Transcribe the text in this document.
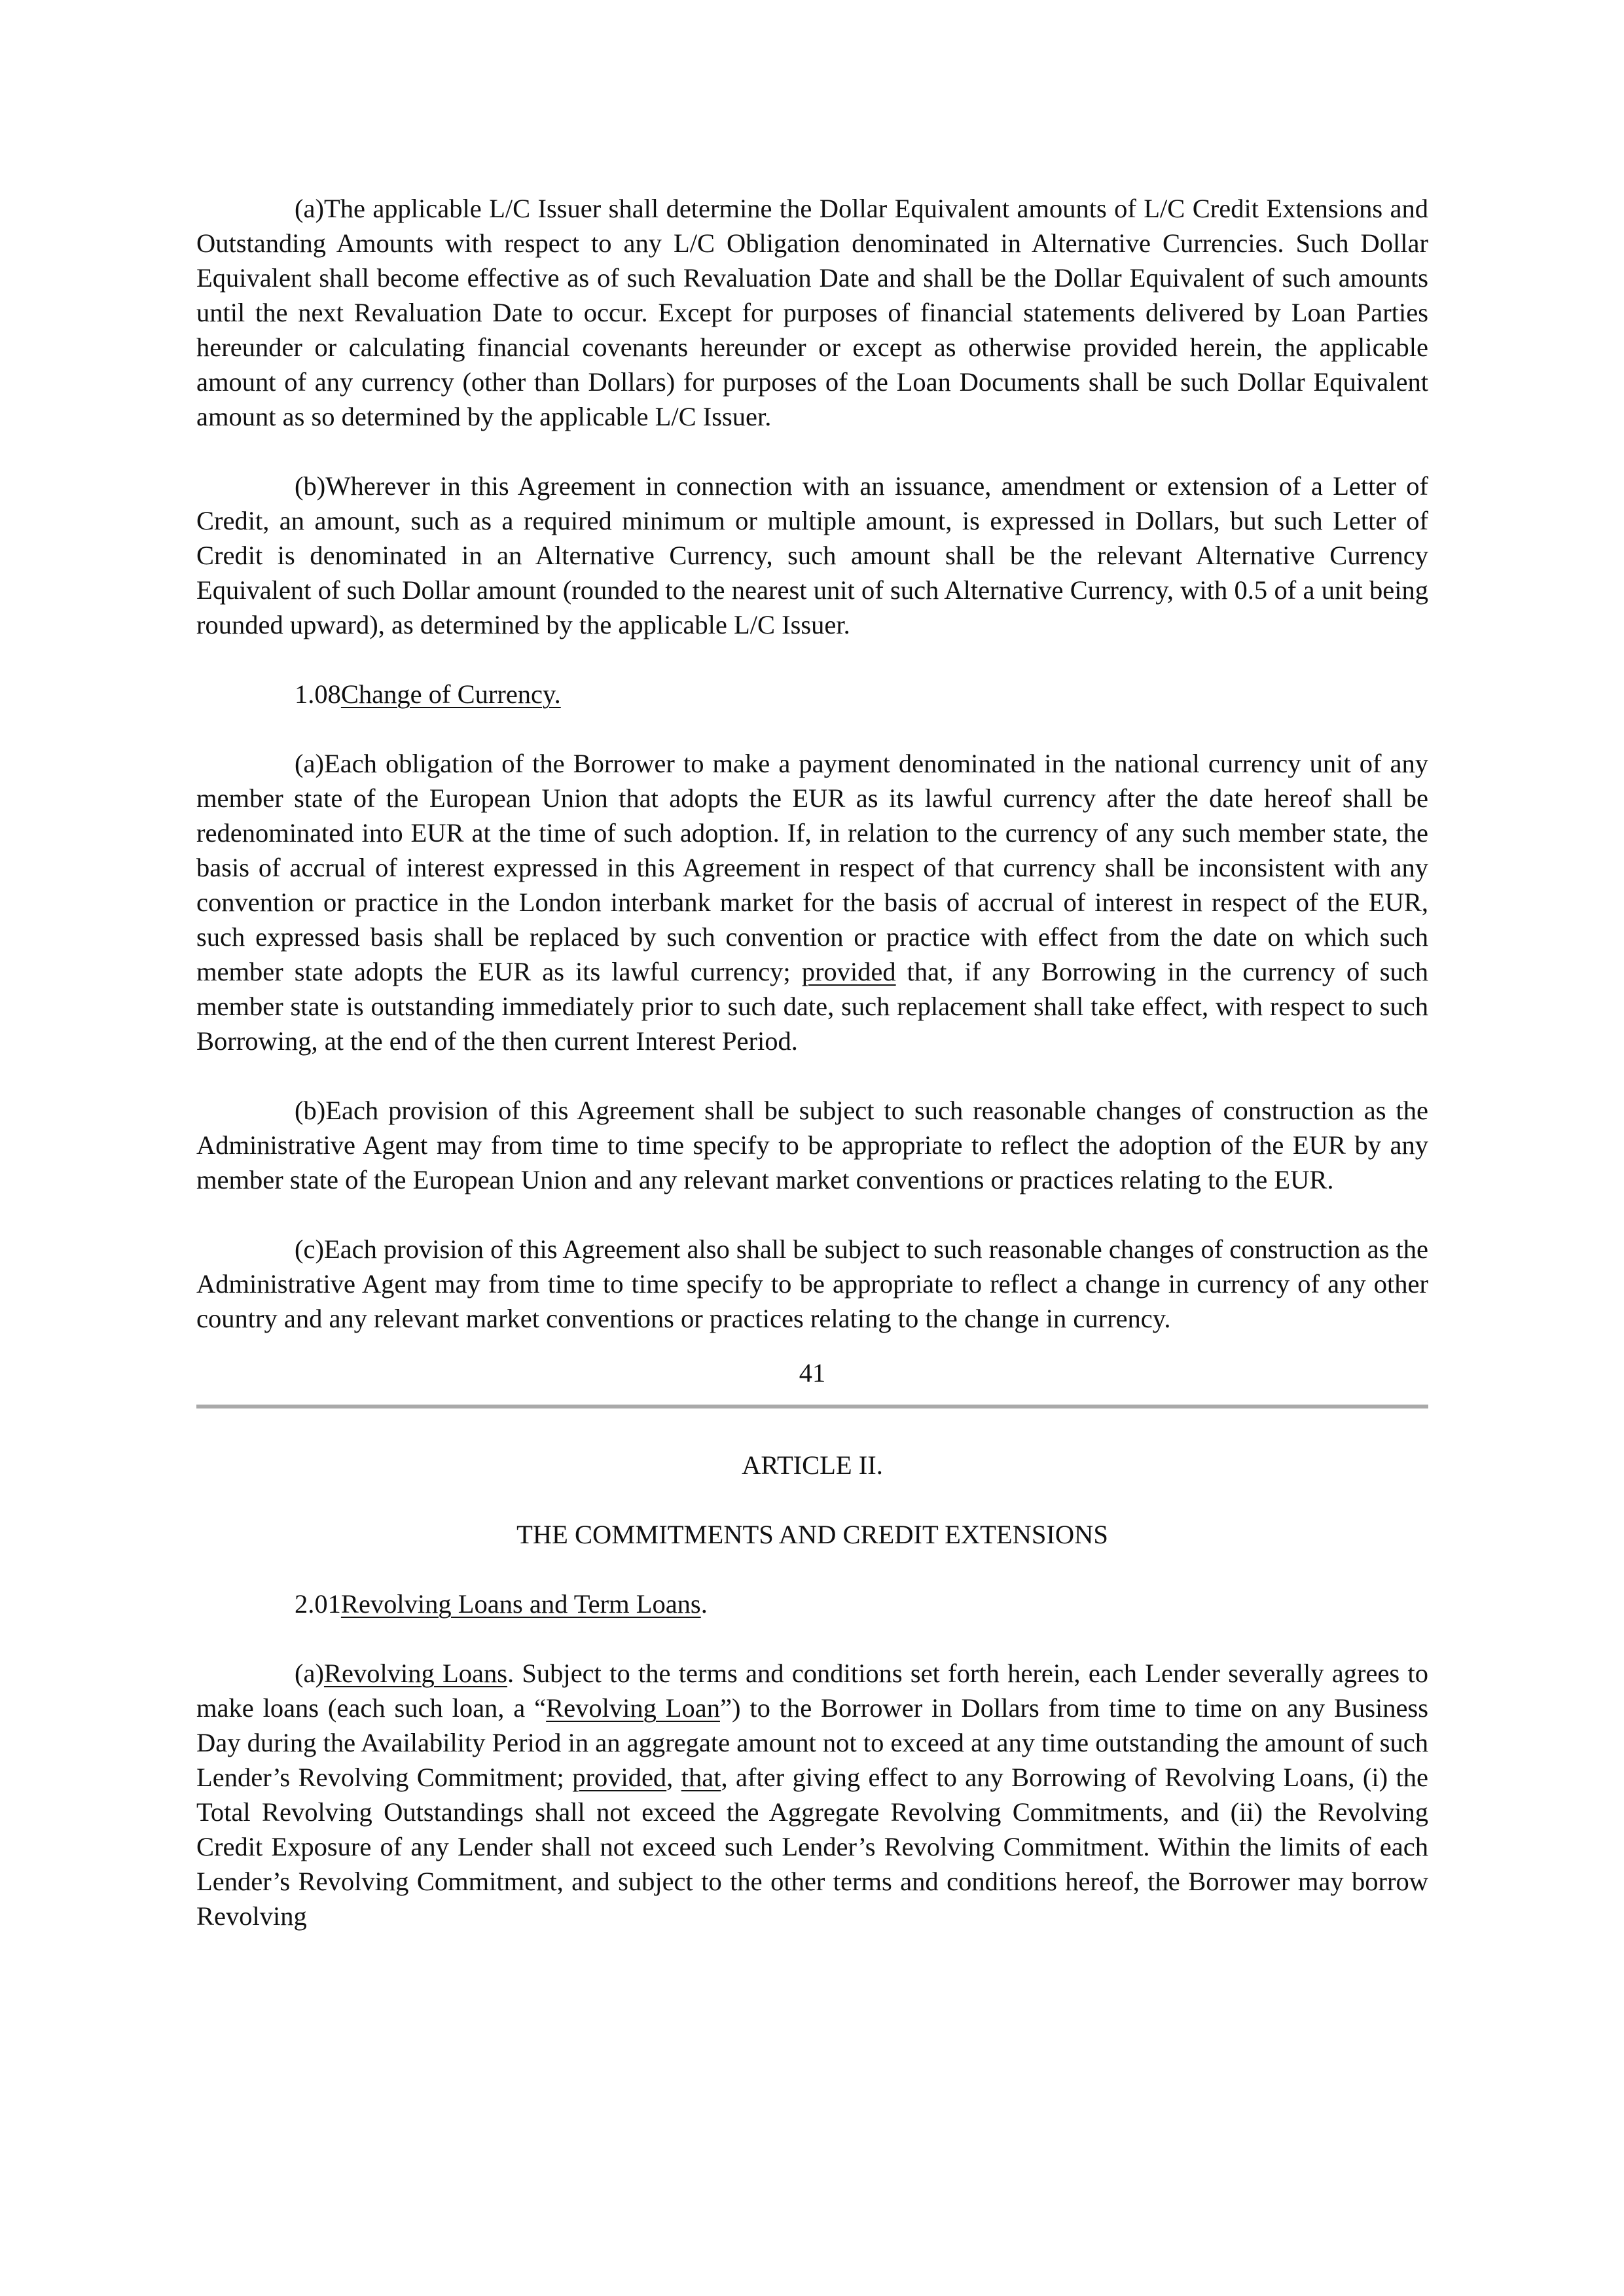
(a)The applicable L/C Issuer shall determine the Dollar Equivalent amounts of L/C Credit Extensions and Outstanding Amounts with respect to any L/C Obligation denominated in Alternative Currencies. Such Dollar Equivalent shall become effective as of such Revaluation Date and shall be the Dollar Equivalent of such amounts until the next Revaluation Date to occur. Except for purposes of financial statements delivered by Loan Parties hereunder or calculating financial covenants hereunder or except as otherwise provided herein, the applicable amount of any currency (other than Dollars) for purposes of the Loan Documents shall be such Dollar Equivalent amount as so determined by the applicable L/C Issuer.

(b)Wherever in this Agreement in connection with an issuance, amendment or extension of a Letter of Credit, an amount, such as a required minimum or multiple amount, is expressed in Dollars, but such Letter of Credit is denominated in an Alternative Currency, such amount shall be the relevant Alternative Currency Equivalent of such Dollar amount (rounded to the nearest unit of such Alternative Currency, with 0.5 of a unit being rounded upward), as determined by the applicable L/C Issuer.

1.08Change of Currency.

(a)Each obligation of the Borrower to make a payment denominated in the national currency unit of any member state of the European Union that adopts the EUR as its lawful currency after the date hereof shall be redenominated into EUR at the time of such adoption. If, in relation to the currency of any such member state, the basis of accrual of interest expressed in this Agreement in respect of that currency shall be inconsistent with any convention or practice in the London interbank market for the basis of accrual of interest in respect of the EUR, such expressed basis shall be replaced by such convention or practice with effect from the date on which such member state adopts the EUR as its lawful currency; provided that, if any Borrowing in the currency of such member state is outstanding immediately prior to such date, such replacement shall take effect, with respect to such Borrowing, at the end of the then current Interest Period.

(b)Each provision of this Agreement shall be subject to such reasonable changes of construction as the Administrative Agent may from time to time specify to be appropriate to reflect the adoption of the EUR by any member state of the European Union and any relevant market conventions or practices relating to the EUR.

(c)Each provision of this Agreement also shall be subject to such reasonable changes of construction as the Administrative Agent may from time to time specify to be appropriate to reflect a change in currency of any other country and any relevant market conventions or practices relating to the change in currency.

41

ARTICLE II.

THE COMMITMENTS AND CREDIT EXTENSIONS

2.01Revolving Loans and Term Loans.

(a)Revolving Loans. Subject to the terms and conditions set forth herein, each Lender severally agrees to make loans (each such loan, a “Revolving Loan”) to the Borrower in Dollars from time to time on any Business Day during the Availability Period in an aggregate amount not to exceed at any time outstanding the amount of such Lender’s Revolving Commitment; provided, that, after giving effect to any Borrowing of Revolving Loans, (i) the Total Revolving Outstandings shall not exceed the Aggregate Revolving Commitments, and (ii) the Revolving Credit Exposure of any Lender shall not exceed such Lender’s Revolving Commitment. Within the limits of each Lender’s Revolving Commitment, and subject to the other terms and conditions hereof, the Borrower may borrow Revolving
